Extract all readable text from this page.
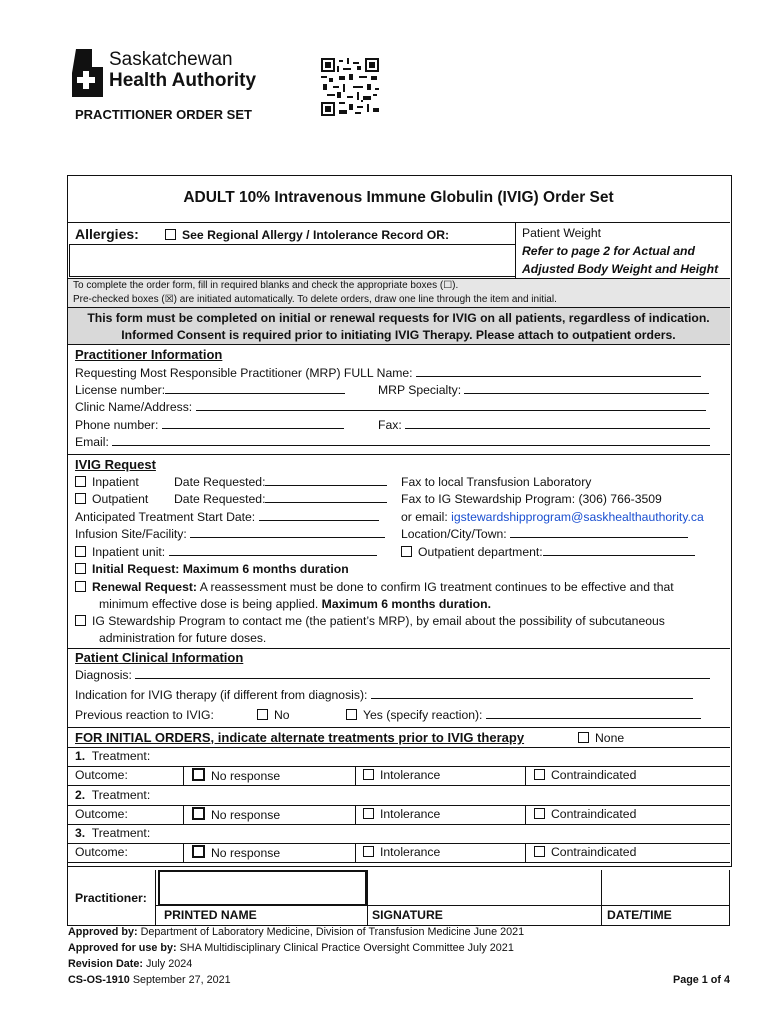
Saskatchewan
Health Authority
PRACTITIONER ORDER SET
ADULT 10% Intravenous Immune Globulin (IVIG) Order Set
Allergies:	See Regional Allergy / Intolerance Record OR:	Patient Weight
Refer to page 2 for Actual and
Adjusted Body Weight and Height
To complete the order form, fill in required blanks and check the appropriate boxes (☐).
Pre-checked boxes (☒) are initiated automatically. To delete orders, draw one line through the item and initial.
This form must be completed on initial or renewal requests for IVIG on all patients, regardless of indication.
Informed Consent is required prior to initiating IVIG Therapy. Please attach to outpatient orders.
Practitioner Information
Requesting Most Responsible Practitioner (MRP) FULL Name:
License number:	MRP Specialty:
Clinic Name/Address:
Phone number:	Fax:
Email:
IVIG Request
Inpatient	Date Requested:	Fax to local Transfusion Laboratory
Outpatient Date Requested:	Fax to IG Stewardship Program: (306) 766-3509
Anticipated Treatment Start Date:	or email: igstewardshipprogram@saskhealthauthority.ca
Infusion Site/Facility:	Location/City/Town:
Inpatient unit:	Outpatient department:
Initial Request: Maximum 6 months duration
Renewal Request: A reassessment must be done to confirm IG treatment continues to be effective and that
minimum effective dose is being applied. Maximum 6 months duration.
IG Stewardship Program to contact me (the patient’s MRP), by email about the possibility of subcutaneous
administration for future doses.
Patient Clinical Information
Diagnosis:
Indication for IVIG therapy (if different from diagnosis):
Previous reaction to IVIG:	No	Yes (specify reaction):
FOR INITIAL ORDERS, indicate alternate treatments prior to IVIG therapy	None
1. Treatment:
Outcome:	No response	Intolerance	Contraindicated
2. Treatment:
Outcome:	No response	Intolerance	Contraindicated
3. Treatment:
Outcome:	No response	Intolerance	Contraindicated
Practitioner:
PRINTED NAME	SIGNATURE	DATE/TIME
Approved by: Department of Laboratory Medicine, Division of Transfusion Medicine June 2021
Approved for use by: SHA Multidisciplinary Clinical Practice Oversight Committee July 2021
Revision Date: July 2024
CS-OS-1910 September 27, 2021	Page 1 of 4
